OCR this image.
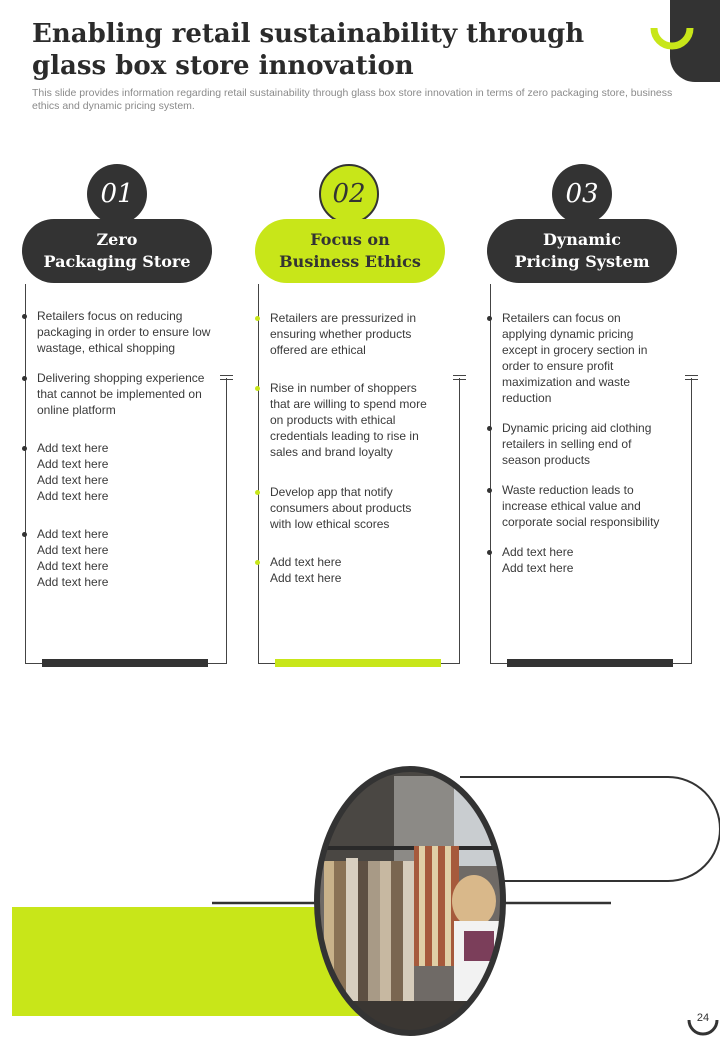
Enabling retail sustainability through glass box store innovation

This slide provides information regarding retail sustainability through glass box store innovation in terms of zero packaging store, business ethics and dynamic pricing system.

01
Zero
Packaging Store
Retailers focus on reducing packaging in order to ensure low wastage, ethical shopping
Delivering shopping experience that cannot be implemented on online platform
Add text here Add text here Add text here Add text here
Add text here Add text here Add text here Add text here
02
Focus on
Business Ethics
Retailers are pressurized in ensuring whether products offered are ethical
Rise in number of shoppers that are willing to spend more on products with ethical credentials leading to rise in sales and brand loyalty
Develop app that notify consumers about products with low ethical scores
Add text here Add text here
03
Dynamic
Pricing System
Retailers can focus on applying dynamic pricing except in grocery section in order to ensure profit maximization and waste reduction
Dynamic pricing aid clothing retailers in selling end of season products
Waste reduction leads to increase ethical value and corporate social responsibility
Add text here Add text here
24
